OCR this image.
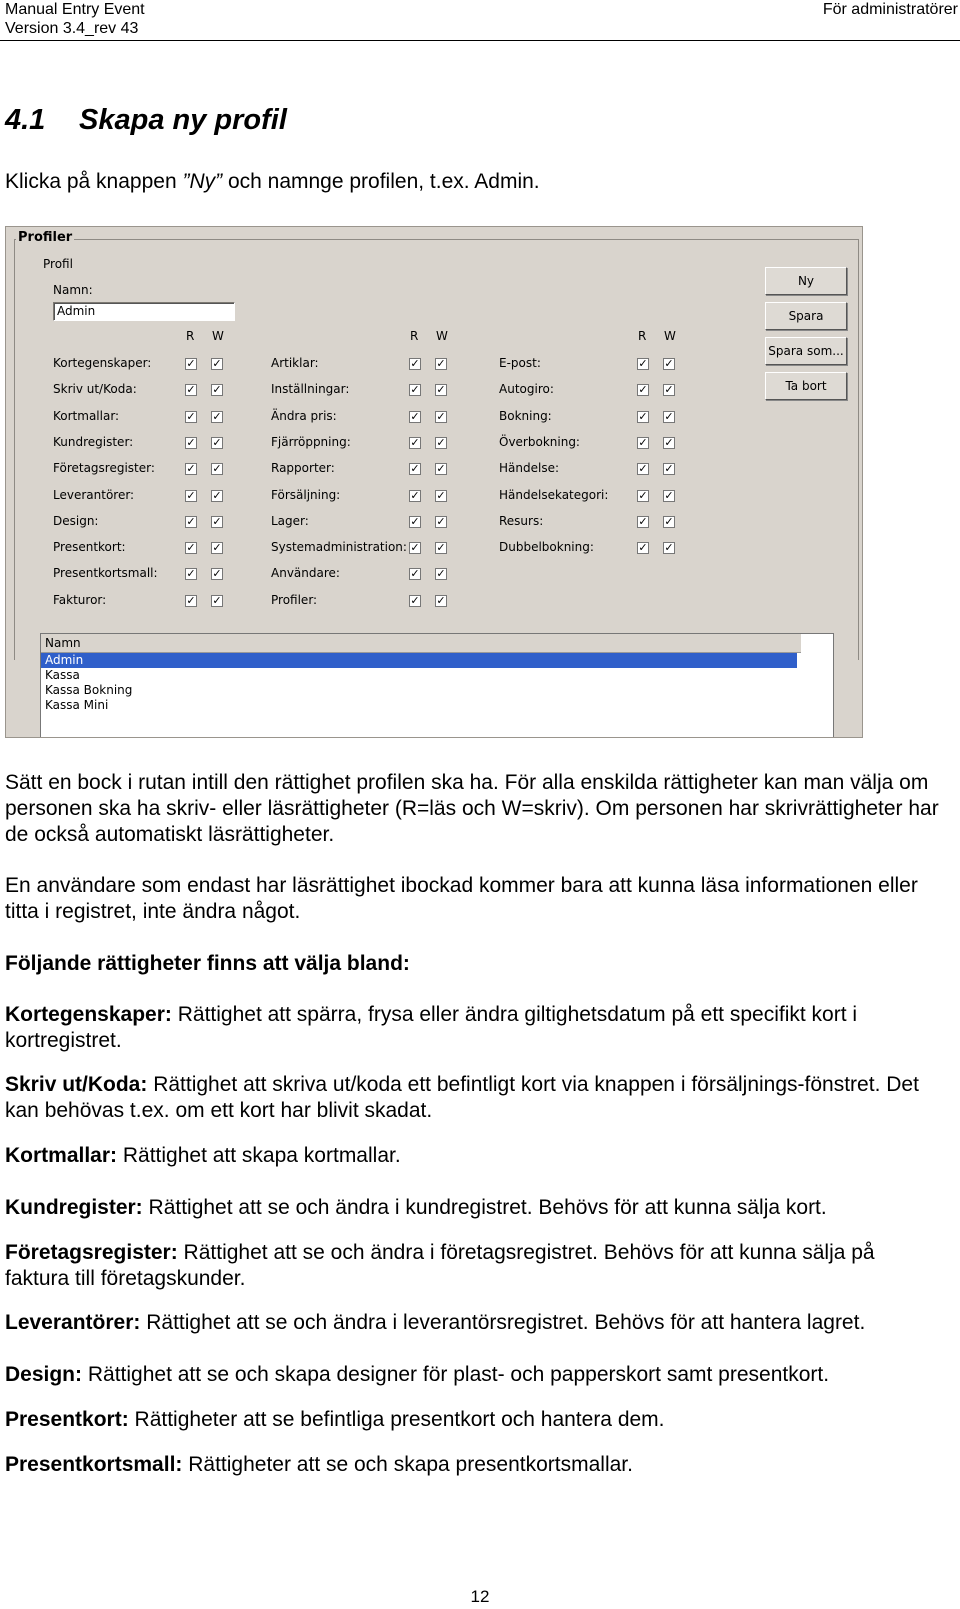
Manual Entry Event
Version 3.4_rev 43
För administratörer
4.1 Skapa ny profil

Klicka på knappen ”Ny” och namnge profilen, t.ex. Admin.

Profiler
Profil
Namn:
Admin
R W
Kortegenskaper:	✓ ✓
Skriv ut/Koda:	✓ ✓
Kortmallar:	✓ ✓
Kundregister:	✓ ✓
Företagsregister:	✓ ✓
Leverantörer:	✓ ✓
Design:	✓ ✓
Presentkort:	✓ ✓
Presentkortsmall:	✓ ✓
Fakturor:	✓ ✓
R W
Artiklar:	✓ ✓
Inställningar:	✓ ✓
Ändra pris:	✓ ✓
Fjärröppning:	✓ ✓
Rapporter:	✓ ✓
Försäljning:	✓ ✓
Lager:	✓ ✓
Systemadministration: ✓ ✓
Användare:	✓ ✓
Profiler:	✓ ✓
R W
E-post:	✓ ✓
Autogiro:	✓ ✓
Bokning:	✓ ✓
Överbokning:	✓ ✓
Händelse:	✓ ✓
Händelsekategori:	✓ ✓
Resurs:	✓ ✓
Dubbelbokning:	✓ ✓
Ny
Spara
Spara som...
Ta bort
Namn
Admin
Kassa
Kassa Bokning
Kassa Mini

Sätt en bock i rutan intill den rättighet profilen ska ha. För alla enskilda rättigheter kan man välja om personen ska ha skriv- eller läsrättigheter (R=läs och W=skriv). Om personen har skrivrättigheter har de också automatiskt läsrättigheter.

En användare som endast har läsrättighet ibockad kommer bara att kunna läsa informationen eller titta i registret, inte ändra något.

Följande rättigheter finns att välja bland:

Kortegenskaper: Rättighet att spärra, frysa eller ändra giltighetsdatum på ett specifikt kort i kortregistret.

Skriv ut/Koda: Rättighet att skriva ut/koda ett befintligt kort via knappen i försäljnings-fönstret. Det kan behövas t.ex. om ett kort har blivit skadat.

Kortmallar: Rättighet att skapa kortmallar.

Kundregister: Rättighet att se och ändra i kundregistret. Behövs för att kunna sälja kort.

Företagsregister: Rättighet att se och ändra i företagsregistret. Behövs för att kunna sälja på faktura till företagskunder.

Leverantörer: Rättighet att se och ändra i leverantörsregistret. Behövs för att hantera lagret.

Design: Rättighet att se och skapa designer för plast- och papperskort samt presentkort.

Presentkort: Rättigheter att se befintliga presentkort och hantera dem.

Presentkortsmall: Rättigheter att se och skapa presentkortsmallar.

12
